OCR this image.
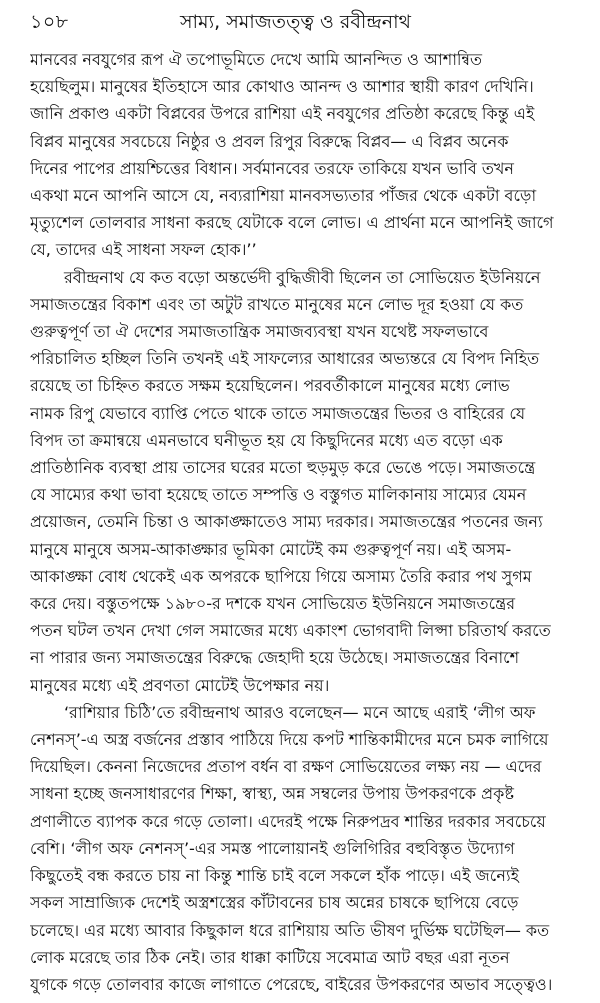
১০৮	সাম্য, সমাজতত্ত্ব ও রবীন্দ্রনাথ

মানবের নবযুগের রূপ ঐ তপোভূমিতে দেখে আমি আনন্দিত ও আশান্বিত
হয়েছিলুম। মানুষের ইতিহাসে আর কোথাও আনন্দ ও আশার স্থায়ী কারণ দেখিনি।
জানি প্রকাণ্ড একটা বিপ্লবের উপরে রাশিয়া এই নবযুগের প্রতিষ্ঠা করেছে কিন্তু এই
বিপ্লব মানুষের সবচেয়ে নিষ্ঠুর ও প্রবল রিপুর বিরুদ্ধে বিপ্লব— এ বিপ্লব অনেক
দিনের পাপের প্রায়শ্চিত্তের বিধান। সর্বমানবের তরফে তাকিয়ে যখন ভাবি তখন
একথা মনে আপনি আসে যে, নব্যরাশিয়া মানবসভ্যতার পাঁজর থেকে একটা বড়ো
মৃত্যুশেল তোলবার সাধনা করছে যেটাকে বলে লোভ। এ প্রার্থনা মনে আপনিই জাগে
যে, তাদের এই সাধনা সফল হোক।’’

রবীন্দ্রনাথ যে কত বড়ো অন্তর্ভেদী বুদ্ধিজীবী ছিলেন তা সোভিয়েত ইউনিয়নে
সমাজতন্ত্রের বিকাশ এবং তা অটুট রাখতে মানুষের মনে লোভ দূর হওয়া যে কত
গুরুত্বপূর্ণ তা ঐ দেশের সমাজতান্ত্রিক সমাজব্যবস্থা যখন যথেষ্ট সফলভাবে
পরিচালিত হচ্ছিল তিনি তখনই এই সাফল্যের আধারের অভ্যন্তরে যে বিপদ নিহিত
রয়েছে তা চিহ্নিত করতে সক্ষম হয়েছিলেন। পরবর্তীকালে মানুষের মধ্যে লোভ
নামক রিপু যেভাবে ব্যাপ্তি পেতে থাকে তাতে সমাজতন্ত্রের ভিতর ও বাহিরের যে
বিপদ তা ক্রমান্বয়ে এমনভাবে ঘনীভূত হয় যে কিছুদিনের মধ্যে এত বড়ো এক
প্রাতিষ্ঠানিক ব্যবস্থা প্রায় তাসের ঘরের মতো হুড়মুড় করে ভেঙে পড়ে। সমাজতন্ত্রে
যে সাম্যের কথা ভাবা হয়েছে তাতে সম্পত্তি ও বস্তুগত মালিকানায় সাম্যের যেমন
প্রয়োজন, তেমনি চিন্তা ও আকাঙ্ক্ষাতেও সাম্য দরকার। সমাজতন্ত্রের পতনের জন্য
মানুষে মানুষে অসম-আকাঙ্ক্ষার ভূমিকা মোটেই কম গুরুত্বপূর্ণ নয়। এই অসম-
আকাঙ্ক্ষা বোধ থেকেই এক অপরকে ছাপিয়ে গিয়ে অসাম্য তৈরি করার পথ সুগম
করে দেয়। বস্তুতপক্ষে ১৯৮০-র দশকে যখন সোভিয়েত ইউনিয়নে সমাজতন্ত্রের
পতন ঘটল তখন দেখা গেল সমাজের মধ্যে একাংশ ভোগবাদী লিপ্সা চরিতার্থ করতে
না পারার জন্য সমাজতন্ত্রের বিরুদ্ধে জেহাদী হয়ে উঠেছে। সমাজতন্ত্রের বিনাশে
মানুষের মধ্যে এই প্রবণতা মোটেই উপেক্ষার নয়।

‘রাশিয়ার চিঠি’তে রবীন্দ্রনাথ আরও বলেছেন— মনে আছে এরাই ‘লীগ অফ
নেশনস্’-এ অস্ত্র বর্জনের প্রস্তাব পাঠিয়ে দিয়ে কপট শান্তিকামীদের মনে চমক লাগিয়ে
দিয়েছিল। কেননা নিজেদের প্রতাপ বর্ধন বা রক্ষণ সোভিয়েতের লক্ষ্য নয় — এদের
সাধনা হচ্ছে জনসাধারণের শিক্ষা, স্বাস্থ্য, অন্ন সম্বলের উপায় উপকরণকে প্রকৃষ্ট
প্রণালীতে ব্যাপক করে গড়ে তোলা। এদেরই পক্ষে নিরুপদ্রব শান্তির দরকার সবচেয়ে
বেশি। ‘লীগ অফ নেশনস্’-এর সমস্ত পালোয়ানই গুলিগিরির বহুবিস্তৃত উদ্যোগ
কিছুতেই বন্ধ করতে চায় না কিন্তু শান্তি চাই বলে সকলে হাঁক পাড়ে। এই জন্যেই
সকল সাম্রাজ্যিক দেশেই অস্ত্রশস্ত্রের কাঁটাবনের চাষ অন্নের চাষকে ছাপিয়ে বেড়ে
চলেছে। এর মধ্যে আবার কিছুকাল ধরে রাশিয়ায় অতি ভীষণ দুর্ভিক্ষ ঘটেছিল— কত
লোক মরেছে তার ঠিক নেই। তার ধাক্কা কাটিয়ে সবেমাত্র আট বছর এরা নূতন
যুগকে গড়ে তোলবার কাজে লাগাতে পেরেছে, বাইরের উপকরণের অভাব সত্ত্বেও।
